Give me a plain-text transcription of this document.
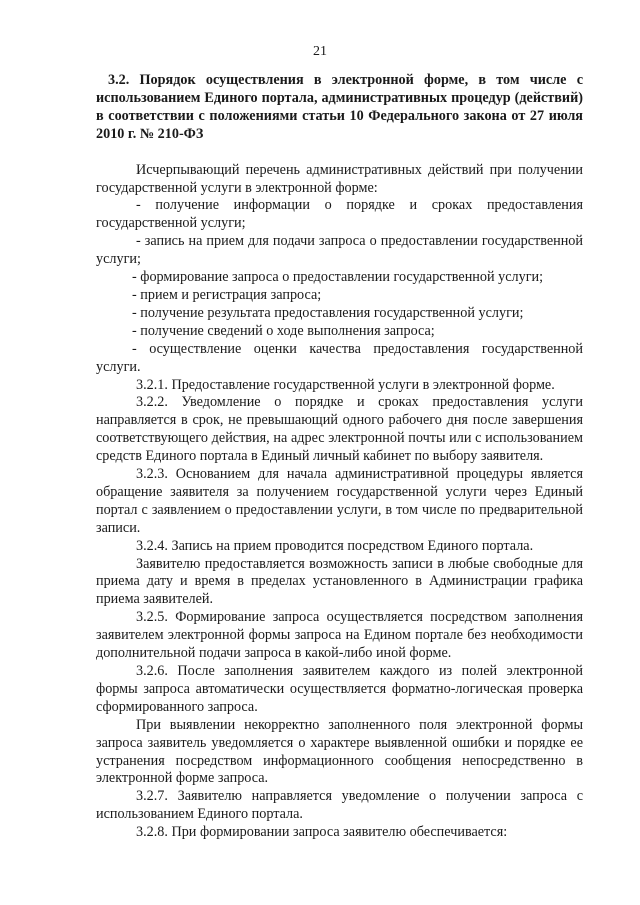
21

3.2. Порядок осуществления в электронной форме, в том числе с использованием Единого портала, административных процедур (действий) в соответствии с положениями статьи 10 Федерального закона от 27 июля 2010 г. № 210-ФЗ

Исчерпывающий перечень административных действий при получении государственной услуги в электронной форме:

- получение информации о порядке и сроках предоставления государственной услуги;

- запись на прием для подачи запроса о предоставлении государственной услуги;

- формирование запроса о предоставлении государственной услуги;

- прием и регистрация запроса;

- получение результата предоставления государственной услуги;

- получение сведений о ходе выполнения запроса;

- осуществление оценки качества предоставления государственной услуги.

3.2.1. Предоставление государственной услуги в электронной форме.

3.2.2. Уведомление о порядке и сроках предоставления услуги направляется в срок, не превышающий одного рабочего дня после завершения соответствующего действия, на адрес электронной почты или с использованием средств Единого портала в Единый личный кабинет по выбору заявителя.

3.2.3. Основанием для начала административной процедуры является обращение заявителя за получением государственной услуги через Единый портал с заявлением о предоставлении услуги, в том числе по предварительной записи.

3.2.4. Запись на прием проводится посредством Единого портала.

Заявителю предоставляется возможность записи в любые свободные для приема дату и время в пределах установленного в Администрации графика приема заявителей.

3.2.5. Формирование запроса осуществляется посредством заполнения заявителем электронной формы запроса на Едином портале без необходимости дополнительной подачи запроса в какой-либо иной форме.

3.2.6. После заполнения заявителем каждого из полей электронной формы запроса автоматически осуществляется форматно-логическая проверка сформированного запроса.

При выявлении некорректно заполненного поля электронной формы запроса заявитель уведомляется о характере выявленной ошибки и порядке ее устранения посредством информационного сообщения непосредственно в электронной форме запроса.

3.2.7. Заявителю направляется уведомление о получении запроса с использованием Единого портала.

3.2.8. При формировании запроса заявителю обеспечивается:
